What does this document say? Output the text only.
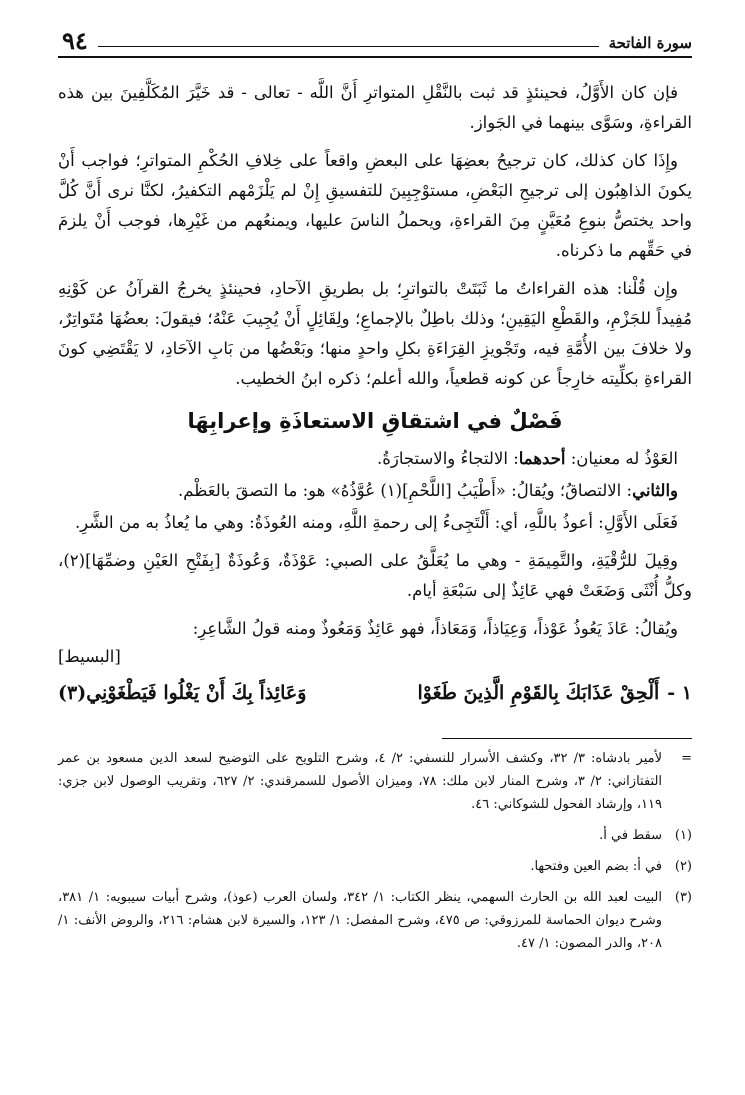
سورة الفاتحة
٩٤

فإن كان الأَوَّلُ، فحينئذٍ قد ثبت بالنَّقْلِ المتواترِ أَنَّ اللَّه - تعالى - قد خَيَّرَ المُكَلَّفِينَ بين هذه القراءةِ، وسَوَّى بينهما في الجَواز.

وإِذَا كان كذلك، كان ترجيحُ بعضِهَا على البعضِ واقعاً على خِلافِ الحُكْمِ المتواترِ؛ فواجب أَنْ يكونَ الذاهِبُون إلى ترجيحِ البَعْضِ، مستوْجِبِينَ للتفسيقِ إِنْ لم يَلْزَمْهم التكفيرُ، لكنَّا نرى أَنَّ كُلَّ واحد يختصُّ بنوعِ مُعَيَّنٍ مِنَ القراءةِ، ويحملُ الناسَ عليها، ويمنعُهم من غَيْرِها، فوجب أَنْ يلزمَ في حَقِّهم ما ذكرناه.

وإِن قُلْنا: هذه القراءاتُ ما ثَبَتَتْ بالتواترِ؛ بل بطريقِ الآحادِ، فحينئذٍ يخرجُ القرآنُ عن كَوْنِهِ مُفِيداً للجَزْمِ، والقَطْعِ اليَقِينِ؛ وذلك باطِلٌ بالإجماعِ؛ ولِقَائِلٍ أَنْ يُجِيبَ عَنْهُ؛ فيقولَ: بعضُهَا مُتَواتِرٌ، ولا خلافَ بين الأُمَّةِ فيه، وتَجْويزِ القِرَاءَةِ بكلِ واحدٍ منها؛ وبَعْضُها من بَابِ الآحَادِ، لا يَقْتَضِي كونَ القراءةِ بكلِّيته خارِجاً عن كونه قطعياً، والله أعلم؛ ذكره ابنُ الخطيب.

فَصْلٌ في اشتقاقِ الاستعاذَةِ وإعرابِهَا

العَوْذُ له معنيان: أحدهما: الالتجاءُ والاستجارَةُ.

والثاني: الالتصاقُ؛ ويُقالُ: «أَطْيَبُ [اللَّحْمِ](١) عُوَّذُهُ» هو: ما التصقَ بالعَظْم.

فَعَلَى الأَوَّلِ: أعوذُ باللَّهِ، أي: أَلْتَجِىءُ إلى رحمةِ اللَّهِ، ومنه العُوذَةُ: وهي ما يُعاذُ به من الشَّرِ.

وقِيلَ للرُّقْيَةِ، والتَّمِيمَةِ - وهي ما يُعَلَّقُ على الصبي: عَوْذَةٌ، وَعُوذَةٌ [بِفَتْحِ العَيْنِ وضمِّهَا](٢)، وكلُّ أُنْثَى وَضَعَتْ فهي عَائِذٌ إلى سَبْعَةِ أيام.

ويُقالُ: عَاذَ يَعُوذُ عَوْذاً، وَعِيَاذاً، وَمَعَاذاً، فهو عَائِذٌ وَمَعُوذٌ ومنه قولُ الشَّاعِرِ:

[البسيط]
١ -
أَلْحِقْ عَذَابَكَ بِالقَوْمِ الَّذِينَ طَغَوْا
وَعَائِذاً بِكَ أَنْ يَغْلُوا فَيَطْغَوْنِي(٣)
=
لأمير بادشاه: ٣/ ٣٢، وكشف الأسرار للنسفي: ٢/ ٤، وشرح التلويح على التوضيح لسعد الدين مسعود بن عمر التفتازاني: ٢/ ٣، وشرح المنار لابن ملك: ٧٨، وميزان الأصول للسمرقندي: ٢/ ٦٢٧، وتقريب الوصول لابن جزي: ١١٩، وإرشاد الفحول للشوكاني: ٤٦.
(١)
سقط في أ.
(٢)
في أ: بضم العين وفتحها.
(٣)
البيت لعبد الله بن الحارث السهمي، ينظر الكتاب: ١/ ٣٤٢، ولسان العرب (عوذ)، وشرح أبيات سيبويه: ١/ ٣٨١، وشرح ديوان الحماسة للمرزوقي: ص ٤٧٥، وشرح المفصل: ١/ ١٢٣، والسيرة لابن هشام: ٢١٦، والروض الأنف: ١/ ٢٠٨، والدر المصون: ١/ ٤٧.
